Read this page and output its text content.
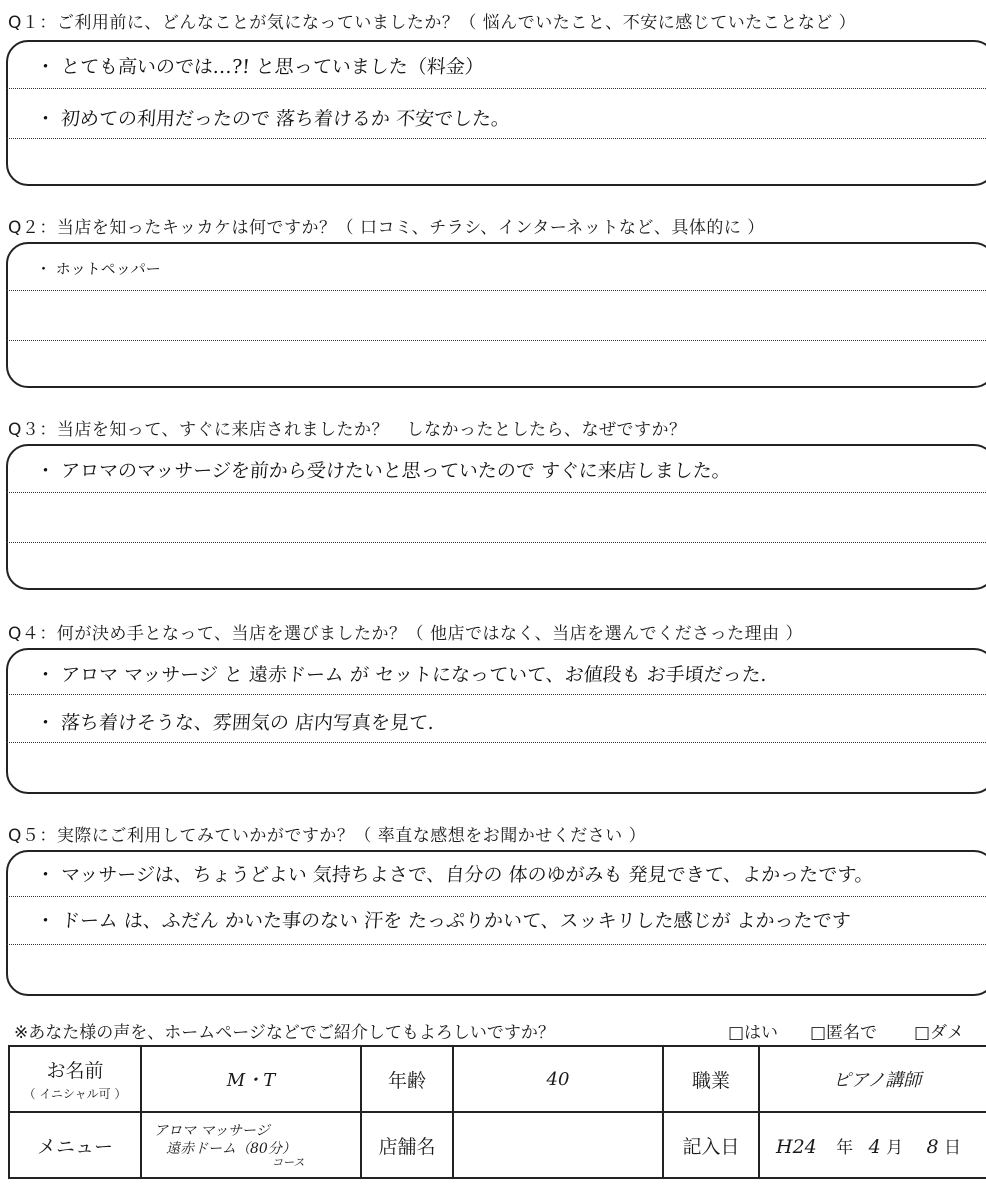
Q１：ご利用前に、どんなことが気になっていましたか？（ 悩んでいたこと、不安に感じていたことなど ）
・ とても高いのでは…?! と思っていました（料金）
・ 初めての利用だったので 落ち着けるか 不安でした。
Q２：当店を知ったキッカケは何ですか？（ 口コミ、チラシ、インターネットなど、具体的に ）
・ ホットペッパー
Q３：当店を知って、すぐに来店されましたか？　しなかったとしたら、なぜですか？
・ アロマのマッサージを前から受けたいと思っていたので すぐに来店しました。
Q４：何が決め手となって、当店を選びましたか？（ 他店ではなく、当店を選んでくださった理由 ）
・ アロマ マッサージ と 遠赤ドーム が セットになっていて、お値段も お手頃だった.
・ 落ち着けそうな、雰囲気の 店内写真を見て.
Q５：実際にご利用してみていかがですか？（ 率直な感想をお聞かせください ）
・ マッサージは、ちょうどよい 気持ちよさで、自分の 体のゆがみも 発見できて、よかったです。
・ ドーム は、ふだん かいた事のない 汗を たっぷりかいて、スッキリした感じが よかったです
※あなた様の声を、ホームページなどでご紹介してもよろしいですか？	□はい □匿名で □ダメ
お名前
（ イニシャル可 ）	M・T	年齢	40	職業	ピアノ講師
メニュー	アロマ マッサージ
遠赤ドーム（80分）
コース	店舗名		記入日	H24 年 4 月 8 日
